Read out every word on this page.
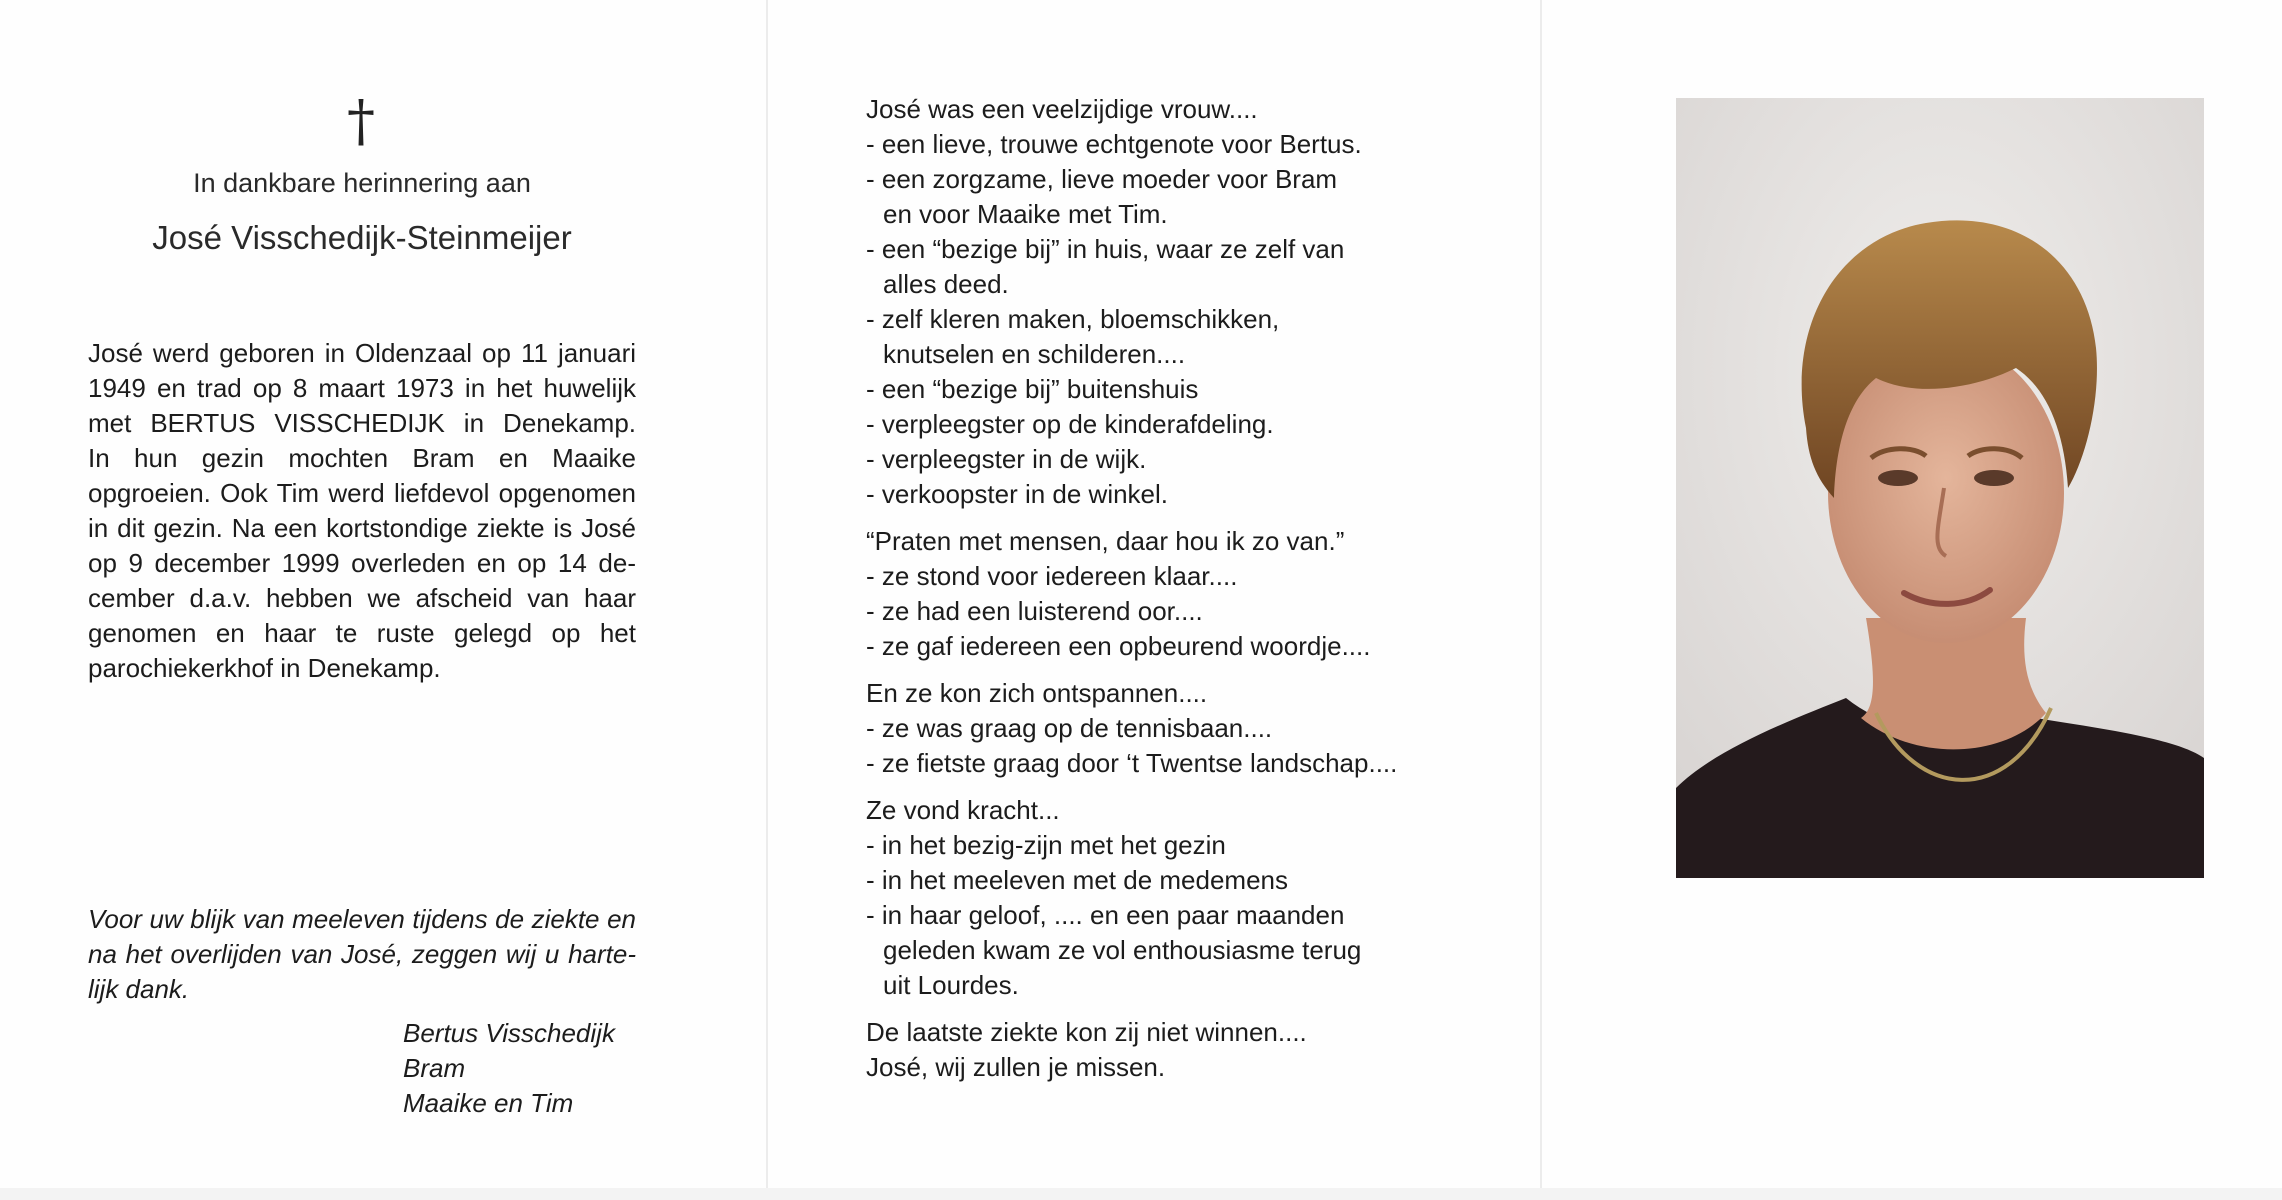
†
In dankbare herinnering aan
José Visschedijk-Steinmeijer
José werd geboren in Oldenzaal op 11 januari
1949 en trad op 8 maart 1973 in het huwelijk
met BERTUS VISSCHEDIJK in Denekamp.
In hun gezin mochten Bram en Maaike
opgroeien. Ook Tim werd liefdevol opgenomen
in dit gezin. Na een kortstondige ziekte is José
op 9 december 1999 overleden en op 14 de-
cember d.a.v. hebben we afscheid van haar
genomen en haar te ruste gelegd op het
parochiekerkhof in Denekamp.
Voor uw blijk van meeleven tijdens de ziekte en
na het overlijden van José, zeggen wij u harte-
lijk dank.
Bertus Visschedijk
Bram
Maaike en Tim
José was een veelzijdige vrouw....
- een lieve, trouwe echtgenote voor Bertus.
- een zorgzame, lieve moeder voor Bram
en voor Maaike met Tim.
- een “bezige bij” in huis, waar ze zelf van
alles deed.
- zelf kleren maken, bloemschikken,
knutselen en schilderen....
- een “bezige bij” buitenshuis
- verpleegster op de kinderafdeling.
- verpleegster in de wijk.
- verkoopster in de winkel.
“Praten met mensen, daar hou ik zo van.”
- ze stond voor iedereen klaar....
- ze had een luisterend oor....
- ze gaf iedereen een opbeurend woordje....
En ze kon zich ontspannen....
- ze was graag op de tennisbaan....
- ze fietste graag door ‘t Twentse landschap....
Ze vond kracht...
- in het bezig-zijn met het gezin
- in het meeleven met de medemens
- in haar geloof, .... en een paar maanden
geleden kwam ze vol enthousiasme terug
uit Lourdes.
De laatste ziekte kon zij niet winnen....
José, wij zullen je missen.
